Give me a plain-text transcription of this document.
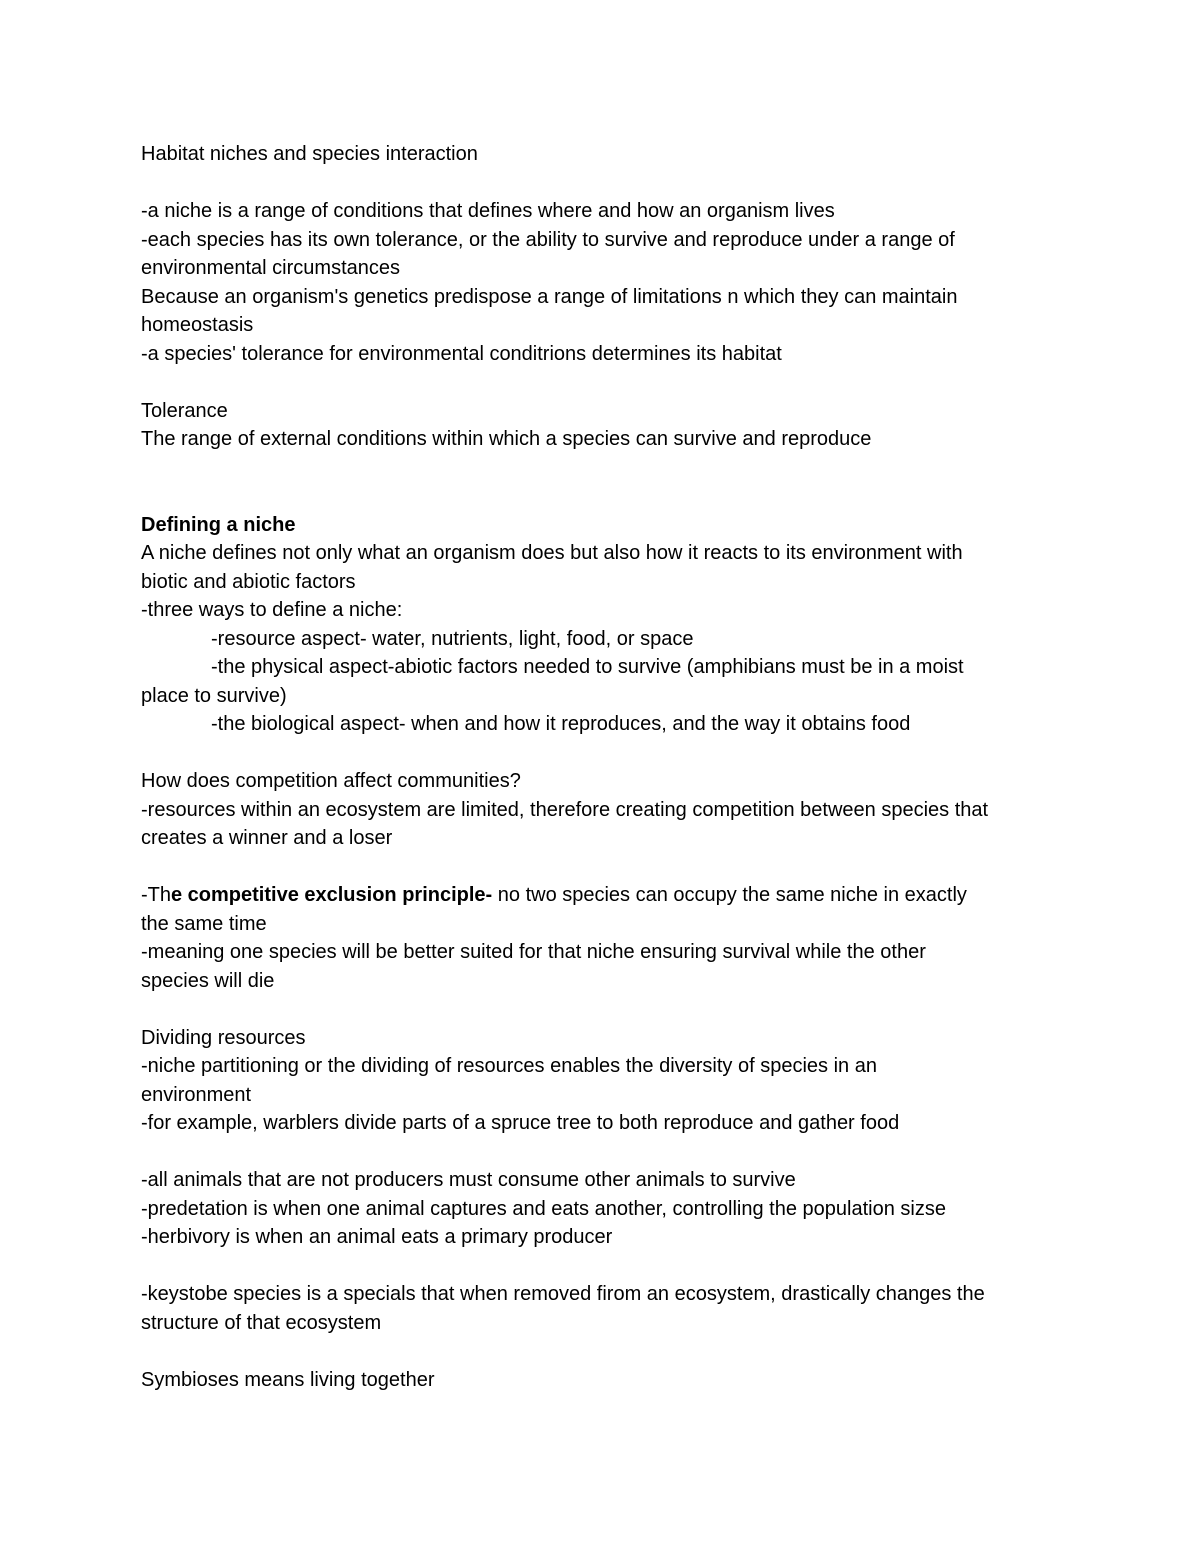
Habitat niches and species interaction
-a niche is a range of conditions that defines where and how an organism lives
-each species has its own tolerance, or the ability to survive and reproduce under a range of
environmental circumstances
Because an organism's genetics predispose a range of limitations n which they can maintain
homeostasis
-a species' tolerance for environmental conditrions determines its habitat
Tolerance
The range of external conditions within which a species can survive and reproduce
Defining a niche
A niche defines not only what an organism does but also how it reacts to its environment with
biotic and abiotic factors
-three ways to define a niche:
-resource aspect- water, nutrients, light, food, or space
-the physical aspect-abiotic factors needed to survive (amphibians must be in a moist
place to survive)
-the biological aspect- when and how it reproduces, and the way it obtains food
How does competition affect communities?
-resources within an ecosystem are limited, therefore creating competition between species that
creates a winner and a loser
-The competitive exclusion principle- no two species can occupy the same niche in exactly
the same time
-meaning one species will be better suited for that niche ensuring survival while the other
species will die
Dividing resources
-niche partitioning or the dividing of resources enables the diversity of species in an
environment
-for example, warblers divide parts of a spruce tree to both reproduce and gather food
-all animals that are not producers must consume other animals to survive
-predetation is when one animal captures and eats another, controlling the population sizse
-herbivory is when an animal eats a primary producer
-keystobe species is a specials that when removed firom an ecosystem, drastically changes the
structure of that ecosystem
Symbioses means living together
